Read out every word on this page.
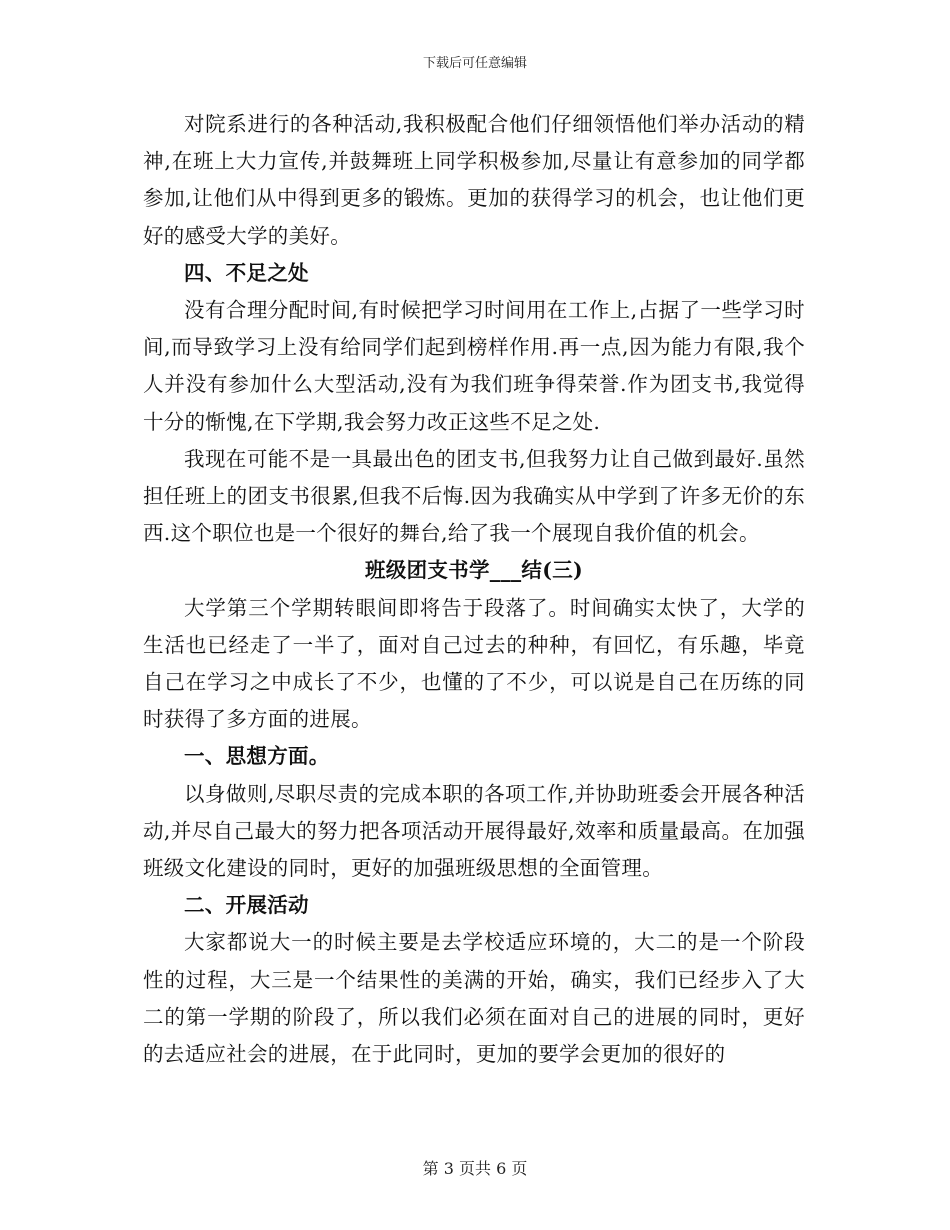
下载后可任意编辑

对院系进行的各种活动,我积极配合他们仔细领悟他们举办活动的精神,在班上大力宣传,并鼓舞班上同学积极参加,尽量让有意参加的同学都参加,让他们从中得到更多的锻炼。更加的获得学习的机会，也让他们更好的感受大学的美好。

四、不足之处

没有合理分配时间,有时候把学习时间用在工作上,占据了一些学习时间,而导致学习上没有给同学们起到榜样作用.再一点,因为能力有限,我个人并没有参加什么大型活动,没有为我们班争得荣誉.作为团支书,我觉得十分的惭愧,在下学期,我会努力改正这些不足之处.

我现在可能不是一具最出色的团支书,但我努力让自己做到最好.虽然担任班上的团支书很累,但我不后悔.因为我确实从中学到了许多无价的东西.这个职位也是一个很好的舞台,给了我一个展现自我价值的机会。

班级团支书学___结(三)

大学第三个学期转眼间即将告于段落了。时间确实太快了，大学的生活也已经走了一半了，面对自己过去的种种，有回忆，有乐趣，毕竟自己在学习之中成长了不少，也懂的了不少，可以说是自己在历练的同时获得了多方面的进展。

一、思想方面。

以身做则,尽职尽责的完成本职的各项工作,并协助班委会开展各种活动,并尽自己最大的努力把各项活动开展得最好,效率和质量最高。在加强班级文化建设的同时，更好的加强班级思想的全面管理。

二、开展活动

大家都说大一的时候主要是去学校适应环境的，大二的是一个阶段性的过程，大三是一个结果性的美满的开始，确实，我们已经步入了大二的第一学期的阶段了，所以我们必须在面对自己的进展的同时，更好的去适应社会的进展，在于此同时，更加的要学会更加的很好的

第 3 页共 6 页
